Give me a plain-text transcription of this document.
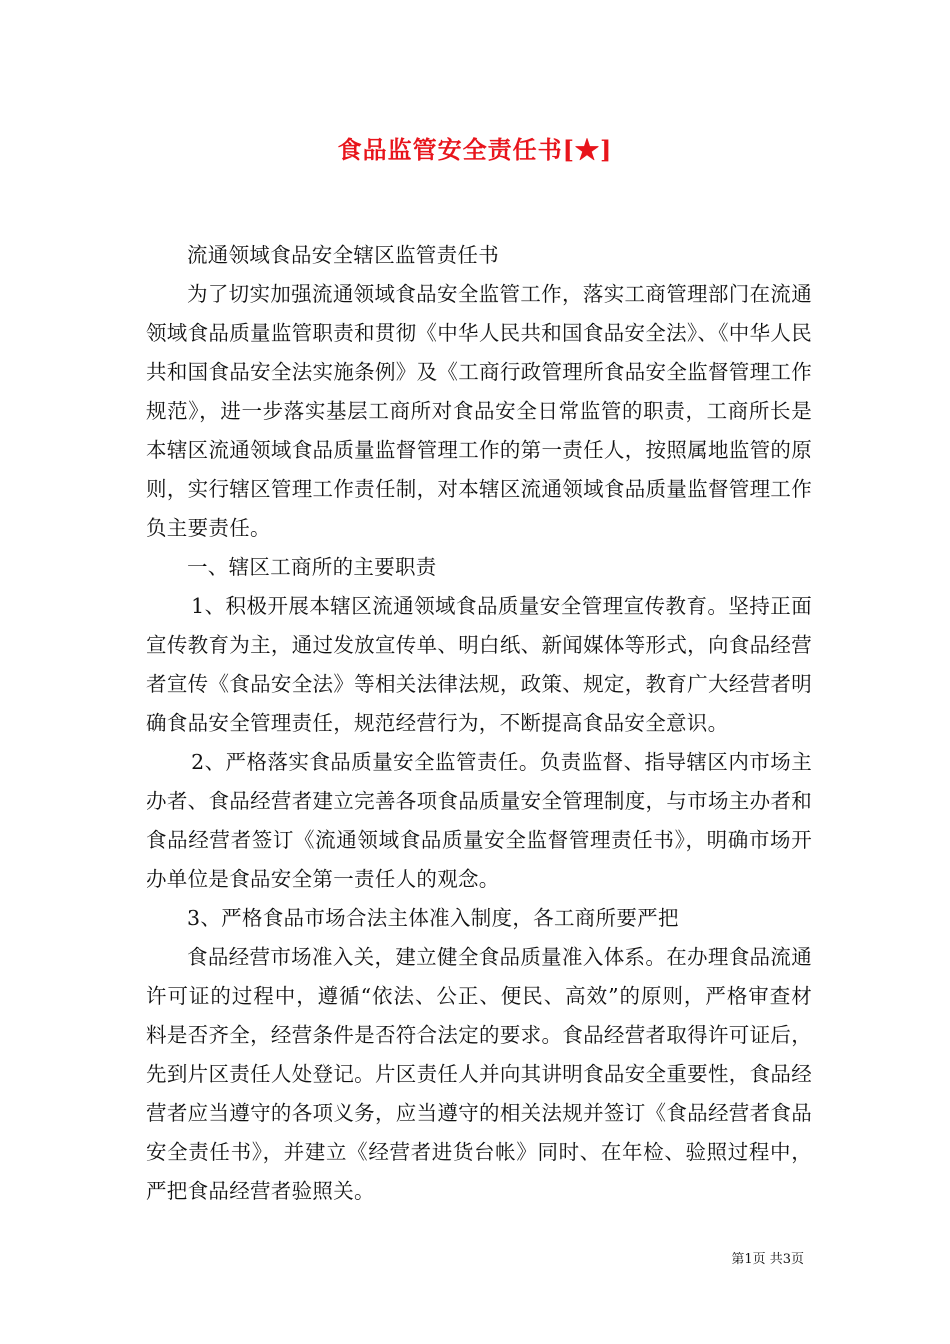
食品监管安全责任书[★]

流通领域食品安全辖区监管责任书

为了切实加强流通领域食品安全监管工作，落实工商管理部门在流通领域食品质量监管职责和贯彻《中华人民共和国食品安全法》、《中华人民共和国食品安全法实施条例》及《工商行政管理所食品安全监督管理工作规范》，进一步落实基层工商所对食品安全日常监管的职责，工商所长是本辖区流通领域食品质量监督管理工作的第一责任人，按照属地监管的原则，实行辖区管理工作责任制，对本辖区流通领域食品质量监督管理工作负主要责任。

一、辖区工商所的主要职责

1、积极开展本辖区流通领域食品质量安全管理宣传教育。坚持正面宣传教育为主，通过发放宣传单、明白纸、新闻媒体等形式，向食品经营者宣传《食品安全法》等相关法律法规，政策、规定，教育广大经营者明确食品安全管理责任，规范经营行为，不断提高食品安全意识。

2、严格落实食品质量安全监管责任。负责监督、指导辖区内市场主办者、食品经营者建立完善各项食品质量安全管理制度，与市场主办者和食品经营者签订《流通领域食品质量安全监督管理责任书》，明确市场开办单位是食品安全第一责任人的观念。

3、严格食品市场合法主体准入制度，各工商所要严把

食品经营市场准入关，建立健全食品质量准入体系。在办理食品流通许可证的过程中，遵循“依法、公正、便民、高效”的原则，严格审查材料是否齐全，经营条件是否符合法定的要求。食品经营者取得许可证后，先到片区责任人处登记。片区责任人并向其讲明食品安全重要性，食品经营者应当遵守的各项义务，应当遵守的相关法规并签订《食品经营者食品安全责任书》，并建立《经营者进货台帐》同时、在年检、验照过程中，严把食品经营者验照关。

第1页 共3页
